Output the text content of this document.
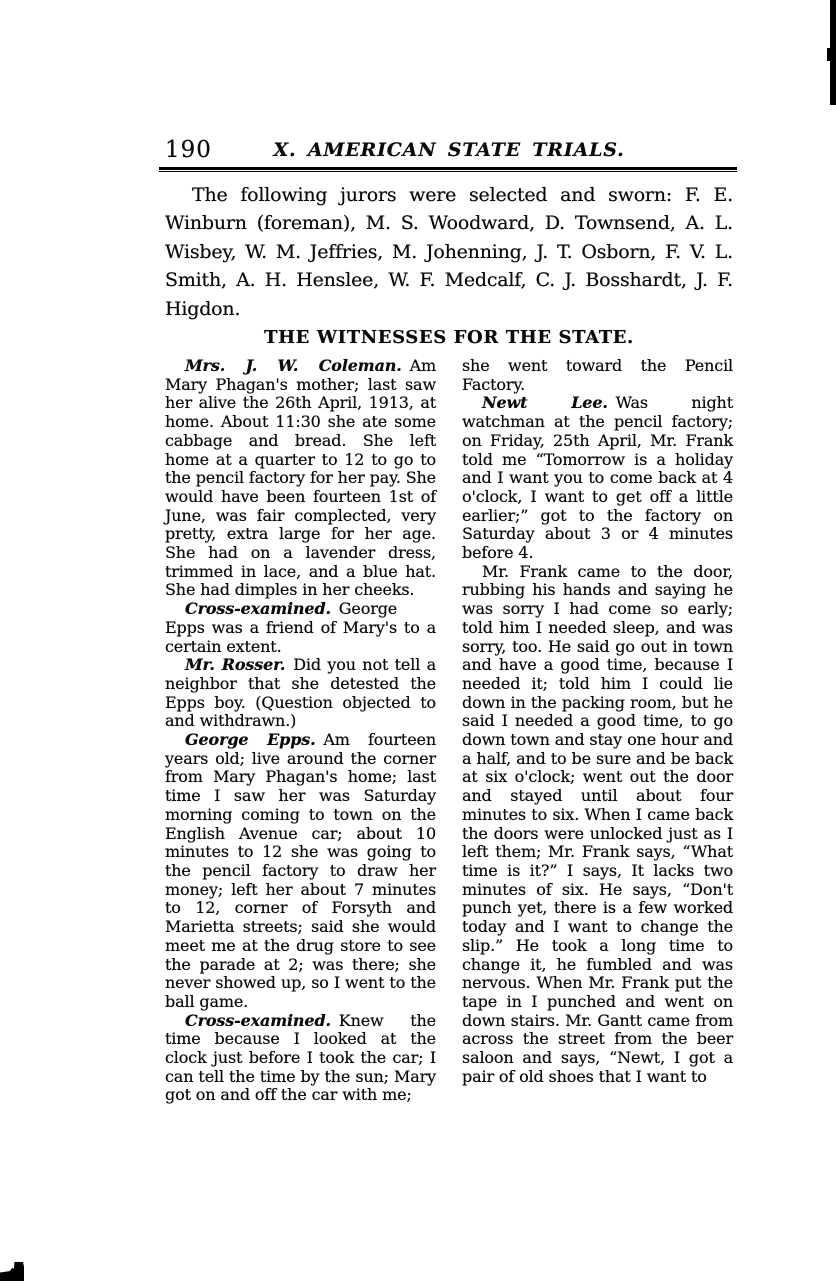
190	X. AMERICAN STATE TRIALS.

The following jurors were selected and sworn: F. E. Winburn (foreman), M. S. Woodward, D. Townsend, A. L. Wisbey, W. M. Jeffries, M. Johenning, J. T. Osborn, F. V. L. Smith, A. H. Henslee, W. F. Medcalf, C. J. Bosshardt, J. F. Higdon.

THE WITNESSES FOR THE STATE.

Mrs. J. W. Coleman.  Am Mary Phagan's mother; last saw her alive the 26th April, 1913, at home. About 11:30 she ate some cabbage and bread. She left home at a quarter to 12 to go to the pencil factory for her pay. She would have been fourteen 1st of June, was fair complected, very pretty, extra large for her age. She had on a lavender dress, trimmed in lace, and a blue hat. She had dimples in her cheeks.

Cross-examined.  George Epps was a friend of Mary's to a certain extent.

Mr. Rosser.  Did you not tell a neighbor that she detested the Epps boy. (Question objected to and withdrawn.)

George Epps.  Am fourteen years old; live around the corner from Mary Phagan's home; last time I saw her was Saturday morning coming to town on the English Avenue car; about 10 minutes to 12 she was going to the pencil factory to draw her money; left her about 7 minutes to 12, corner of Forsyth and Marietta streets; said she would meet me at the drug store to see the parade at 2; was there; she never showed up, so I went to the ball game.

Cross-examined.  Knew the time because I looked at the clock just before I took the car; I can tell the time by the sun; Mary got on and off the car with me;

she went toward the Pencil Factory.

Newt Lee.  Was night watchman at the pencil factory; on Friday, 25th April, Mr. Frank told me “Tomorrow is a holiday and I want you to come back at 4 o'clock, I want to get off a little earlier;” got to the factory on Saturday about 3 or 4 minutes before 4.

Mr. Frank came to the door, rubbing his hands and saying he was sorry I had come so early; told him I needed sleep, and was sorry, too. He said go out in town and have a good time, because I needed it; told him I could lie down in the packing room, but he said I needed a good time, to go down town and stay one hour and a half, and to be sure and be back at six o'clock; went out the door and stayed until about four minutes to six. When I came back the doors were unlocked just as I left them; Mr. Frank says, “What time is it?” I says, It lacks two minutes of six. He says, “Don't punch yet, there is a few worked today and I want to change the slip.” He took a long time to change it, he fumbled and was nervous. When Mr. Frank put the tape in I punched and went on down stairs. Mr. Gantt came from across the street from the beer saloon and says, “Newt, I got a pair of old shoes that I want to
